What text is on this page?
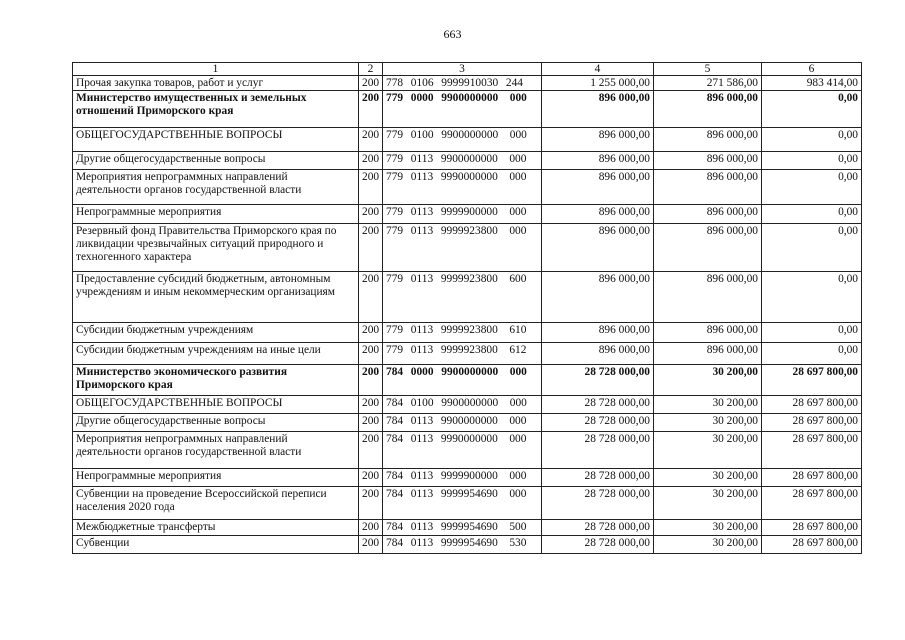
663
1	2	3	4	5	6
Прочая закупка товаров, работ и услуг	200	778  0106  9999910030  244	1 255 000,00	271 586,00	983 414,00
Министерство имущественных и земельных отношений Приморского края	200	779  0000  9900000000   000	896 000,00	896 000,00	0,00
ОБЩЕГОСУДАРСТВЕННЫЕ ВОПРОСЫ	200	779  0100  9900000000   000	896 000,00	896 000,00	0,00
Другие общегосударственные вопросы	200	779  0113  9900000000   000	896 000,00	896 000,00	0,00
Мероприятия непрограммных направлений деятельности органов государственной власти	200	779  0113  9990000000   000	896 000,00	896 000,00	0,00
Непрограммные мероприятия	200	779  0113  9999900000   000	896 000,00	896 000,00	0,00
Резервный фонд Правительства Приморского края по ликвидации чрезвычайных ситуаций природного и техногенного характера	200	779  0113  9999923800   000	896 000,00	896 000,00	0,00
Предоставление субсидий бюджетным, автономным учреждениям и иным некоммерческим организациям	200	779  0113  9999923800   600	896 000,00	896 000,00	0,00
Субсидии бюджетным учреждениям	200	779  0113  9999923800   610	896 000,00	896 000,00	0,00
Субсидии бюджетным учреждениям на иные цели	200	779  0113  9999923800   612	896 000,00	896 000,00	0,00
Министерство экономического развития Приморского края	200	784  0000  9900000000   000	28 728 000,00	30 200,00	28 697 800,00
ОБЩЕГОСУДАРСТВЕННЫЕ ВОПРОСЫ	200	784  0100  9900000000   000	28 728 000,00	30 200,00	28 697 800,00
Другие общегосударственные вопросы	200	784  0113  9900000000   000	28 728 000,00	30 200,00	28 697 800,00
Мероприятия непрограммных направлений деятельности органов государственной власти	200	784  0113  9990000000   000	28 728 000,00	30 200,00	28 697 800,00
Непрограммные мероприятия	200	784  0113  9999900000   000	28 728 000,00	30 200,00	28 697 800,00
Субвенции на проведение Всероссийской переписи населения 2020 года	200	784  0113  9999954690   000	28 728 000,00	30 200,00	28 697 800,00
Межбюджетные трансферты	200	784  0113  9999954690   500	28 728 000,00	30 200,00	28 697 800,00
Субвенции	200	784  0113  9999954690   530	28 728 000,00	30 200,00	28 697 800,00
